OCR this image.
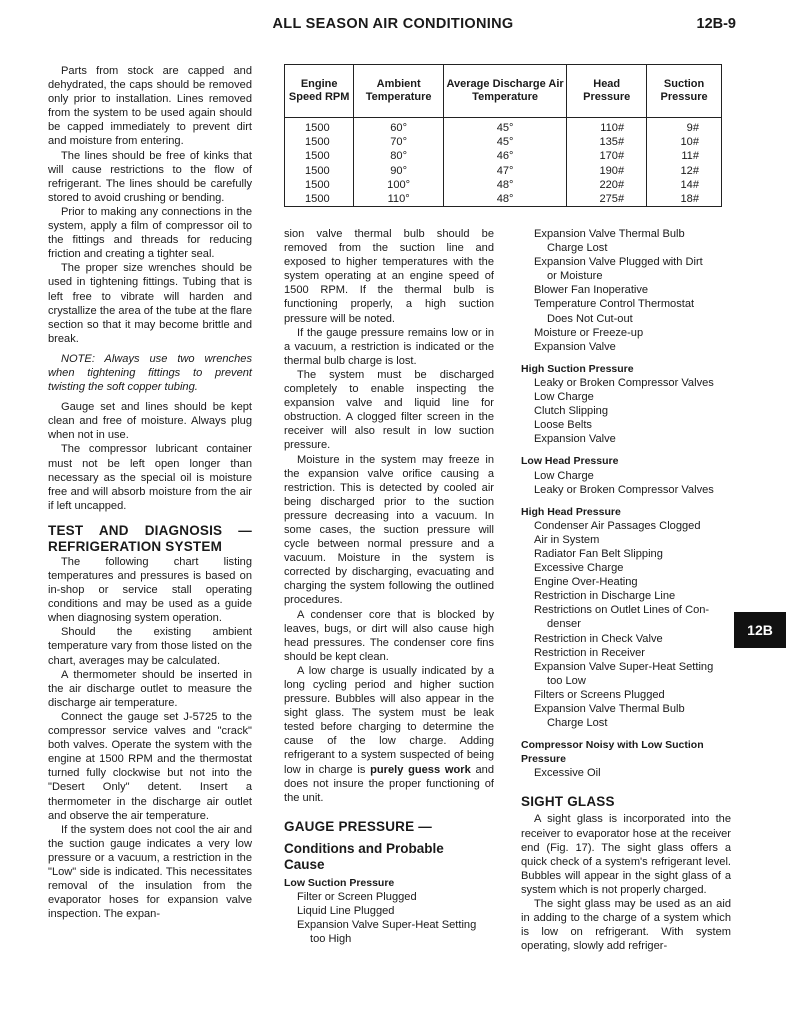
ALL SEASON AIR CONDITIONING	12B-9

Parts from stock are capped and dehydrated, the caps should be removed only prior to installation. Lines removed from the system to be used again should be capped immediately to prevent dirt and moisture from entering.

The lines should be free of kinks that will cause restrictions to the flow of refrigerant. The lines should be carefully stored to avoid crushing or bending.

Prior to making any connections in the system, apply a film of compressor oil to the fittings and threads for reducing friction and creating a tighter seal.

The proper size wrenches should be used in tightening fittings. Tubing that is left free to vibrate will harden and crystallize the area of the tube at the flare section so that it may become brittle and break.

NOTE: Always use two wrenches when tightening fittings to prevent twisting the soft copper tubing.

Gauge set and lines should be kept clean and free of moisture. Always plug when not in use.

The compressor lubricant container must not be left open longer than necessary as the special oil is moisture free and will absorb moisture from the air if left uncapped.

TEST AND DIAGNOSIS — REFRIGERATION SYSTEM

The following chart listing temperatures and pressures is based on in-shop or service stall operating conditions and may be used as a guide when diagnosing system operation.

Should the existing ambient temperature vary from those listed on the chart, averages may be calculated.

A thermometer should be inserted in the air discharge outlet to measure the discharge air temperature.

Connect the gauge set J-5725 to the compressor service valves and "crack" both valves. Operate the system with the engine at 1500 RPM and the thermostat turned fully clockwise but not into the "Desert Only" detent. Insert a thermometer in the discharge air outlet and observe the air temperature.

If the system does not cool the air and the suction gauge indicates a very low pressure or a vacuum, a restriction in the "Low" side is indicated. This necessitates removal of the insulation from the evaporator hoses for expansion valve inspection. The expan-

Engine Speed RPM	Ambient Temperature	Average Discharge Air Temperature	Head Pressure	Suction Pressure
1500	60°	45°	110#	9#
1500	70°	45°	135#	10#
1500	80°	46°	170#	11#
1500	90°	47°	190#	12#
1500	100°	48°	220#	14#
1500	110°	48°	275#	18#

sion valve thermal bulb should be removed from the suction line and exposed to higher temperatures with the system operating at an engine speed of 1500 RPM. If the thermal bulb is functioning properly, a high suction pressure will be noted.

If the gauge pressure remains low or in a vacuum, a restriction is indicated or the thermal bulb charge is lost.

The system must be discharged completely to enable inspecting the expansion valve and liquid line for obstruction. A clogged filter screen in the receiver will also result in low suction pressure.

Moisture in the system may freeze in the expansion valve orifice causing a restriction. This is detected by cooled air being discharged prior to the suction pressure decreasing into a vacuum. In some cases, the suction pressure will cycle between normal pressure and a vacuum. Moisture in the system is corrected by discharging, evacuating and charging the system following the outlined procedures.

A condenser core that is blocked by leaves, bugs, or dirt will also cause high head pressures. The condenser core fins should be kept clean.

A low charge is usually indicated by a long cycling period and higher suction pressure. Bubbles will also appear in the sight glass. The system must be leak tested before charging to determine the cause of the low charge. Adding refrigerant to a system suspected of being low in charge is purely guess work and does not insure the proper functioning of the unit.

GAUGE PRESSURE —

Conditions and Probable

Cause

Low Suction Pressure

Filter or Screen Plugged

Liquid Line Plugged

Expansion Valve Super-Heat Setting

too High

Expansion Valve Thermal Bulb

Charge Lost

Expansion Valve Plugged with Dirt

or Moisture

Blower Fan Inoperative

Temperature Control Thermostat

Does Not Cut-out

Moisture or Freeze-up

Expansion Valve

High Suction Pressure

Leaky or Broken Compressor Valves

Low Charge

Clutch Slipping

Loose Belts

Expansion Valve

Low Head Pressure

Low Charge

Leaky or Broken Compressor Valves

High Head Pressure

Condenser Air Passages Clogged

Air in System

Radiator Fan Belt Slipping

Excessive Charge

Engine Over-Heating

Restriction in Discharge Line

Restrictions on Outlet Lines of Con-

denser

Restriction in Check Valve

Restriction in Receiver

Expansion Valve Super-Heat Setting

too Low

Filters or Screens Plugged

Expansion Valve Thermal Bulb

Charge Lost

Compressor Noisy with Low Suction Pressure

Excessive Oil

SIGHT GLASS

A sight glass is incorporated into the receiver to evaporator hose at the receiver end (Fig. 17). The sight glass offers a quick check of a system's refrigerant level. Bubbles will appear in the sight glass of a system which is not properly charged.

The sight glass may be used as an aid in adding to the charge of a system which is low on refrigerant. With system operating, slowly add refriger-

12B
